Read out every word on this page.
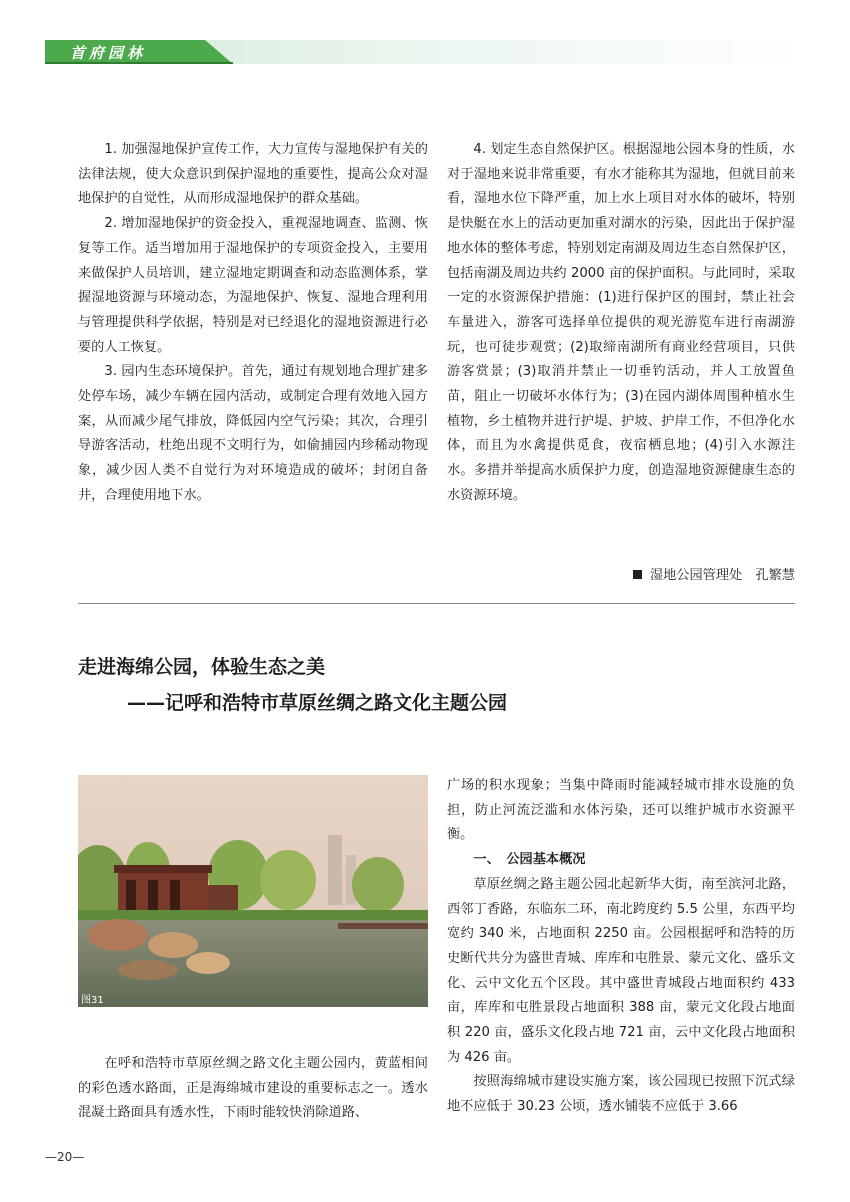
首府园林

1. 加强湿地保护宣传工作，大力宣传与湿地保护有关的法律法规，使大众意识到保护湿地的重要性，提高公众对湿地保护的自觉性，从而形成湿地保护的群众基础。

2. 增加湿地保护的资金投入，重视湿地调查、监测、恢复等工作。适当增加用于湿地保护的专项资金投入，主要用来做保护人员培训，建立湿地定期调查和动态监测体系，掌握湿地资源与环境动态，为湿地保护、恢复、湿地合理利用与管理提供科学依据，特别是对已经退化的湿地资源进行必要的人工恢复。

3. 园内生态环境保护。首先，通过有规划地合理扩建多处停车场，减少车辆在园内活动，或制定合理有效地入园方案，从而减少尾气排放，降低园内空气污染；其次，合理引导游客活动，杜绝出现不文明行为，如偷捕园内珍稀动物现象，减少因人类不自觉行为对环境造成的破坏；封闭自备井，合理使用地下水。

4. 划定生态自然保护区。根据湿地公园本身的性质，水对于湿地来说非常重要，有水才能称其为湿地，但就目前来看，湿地水位下降严重，加上水上项目对水体的破坏，特别是快艇在水上的活动更加重对湖水的污染，因此出于保护湿地水体的整体考虑，特别划定南湖及周边生态自然保护区，包括南湖及周边共约 2000 亩的保护面积。与此同时，采取一定的水资源保护措施：(1)进行保护区的围封，禁止社会车量进入，游客可选择单位提供的观光游览车进行南湖游玩，也可徒步观赏；(2)取缔南湖所有商业经营项目，只供游客赏景；(3)取消并禁止一切垂钓活动，并人工放置鱼苗，阻止一切破坏水体行为；(3)在园内湖体周围种植水生植物，乡土植物并进行护堤、护坡、护岸工作，不但净化水体，而且为水禽提供觅食，夜宿栖息地；(4)引入水源注水。多措并举提高水质保护力度，创造湿地资源健康生态的水资源环境。

湿地公园管理处　孔繁慧
走进海绵公园，体验生态之美
——记呼和浩特市草原丝绸之路文化主题公园
图31

广场的积水现象；当集中降雨时能减轻城市排水设施的负担，防止河流泛滥和水体污染，还可以维护城市水资源平衡。

一、　公园基本概况

草原丝绸之路主题公园北起新华大街，南至滨河北路，西邻丁香路，东临东二环，南北跨度约 5.5 公里，东西平均宽约 340 米，占地面积 2250 亩。公园根据呼和浩特的历史断代共分为盛世青城、库库和屯胜景、蒙元文化、盛乐文化、云中文化五个区段。其中盛世青城段占地面积约 433 亩，库库和屯胜景段占地面积 388 亩，蒙元文化段占地面积 220 亩，盛乐文化段占地 721 亩，云中文化段占地面积为 426 亩。

按照海绵城市建设实施方案，该公园现已按照下沉式绿地不应低于 30.23 公顷，透水铺装不应低于 3.66

在呼和浩特市草原丝绸之路文化主题公园内，黄蓝相间的彩色透水路面，正是海绵城市建设的重要标志之一。透水混凝土路面具有透水性，下雨时能较快消除道路、

—20—
